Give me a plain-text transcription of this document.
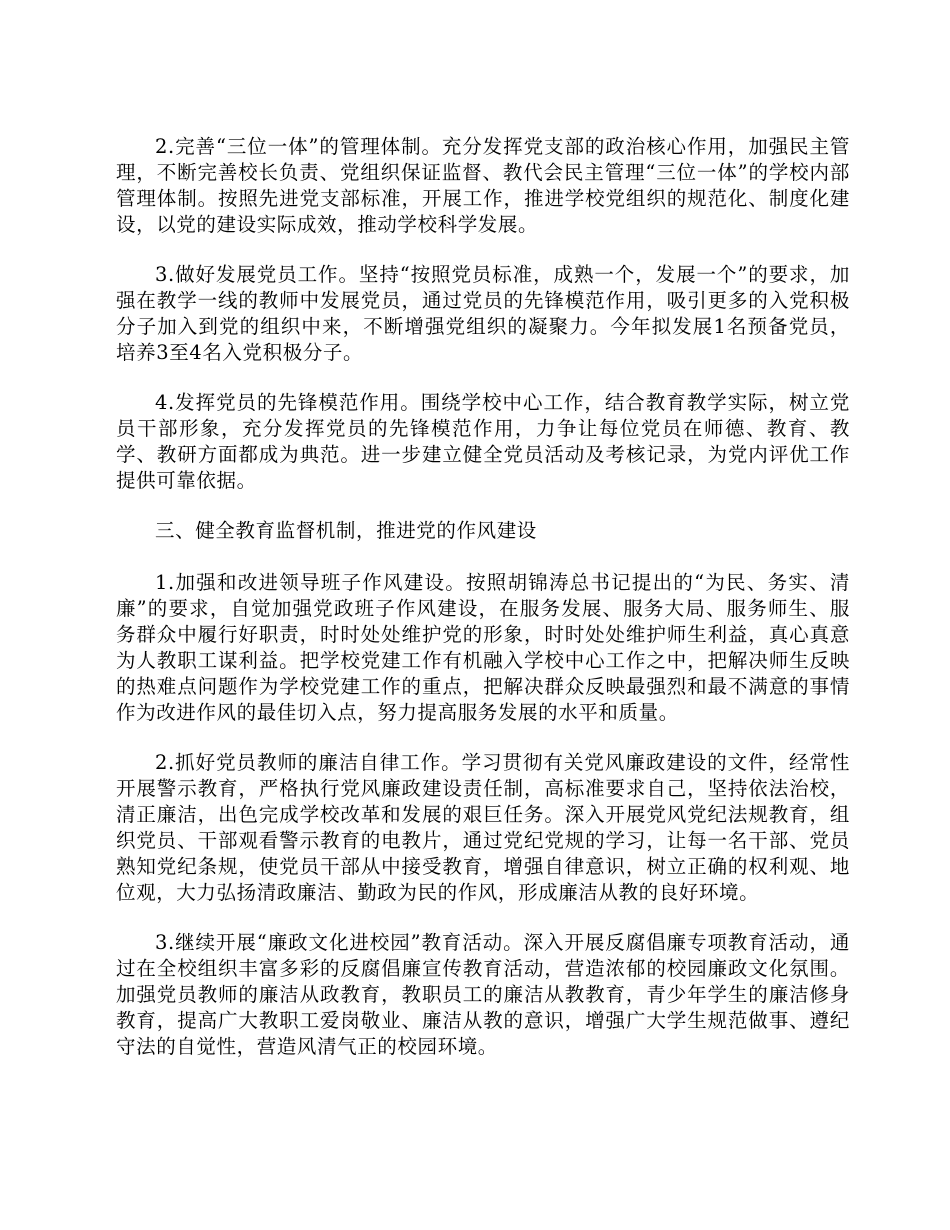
2.完善“三位一体”的管理体制。充分发挥党支部的政治核心作用，加强民主管理，不断完善校长负责、党组织保证监督、教代会民主管理“三位一体”的学校内部管理体制。按照先进党支部标准，开展工作，推进学校党组织的规范化、制度化建设，以党的建设实际成效，推动学校科学发展。

3.做好发展党员工作。坚持“按照党员标准，成熟一个，发展一个”的要求，加强在教学一线的教师中发展党员，通过党员的先锋模范作用，吸引更多的入党积极分子加入到党的组织中来，不断增强党组织的凝聚力。今年拟发展1名预备党员，培养3至4名入党积极分子。

4.发挥党员的先锋模范作用。围绕学校中心工作，结合教育教学实际，树立党员干部形象，充分发挥党员的先锋模范作用，力争让每位党员在师德、教育、教学、教研方面都成为典范。进一步建立健全党员活动及考核记录，为党内评优工作提供可靠依据。

三、健全教育监督机制，推进党的作风建设

1.加强和改进领导班子作风建设。按照胡锦涛总书记提出的“为民、务实、清廉”的要求，自觉加强党政班子作风建设，在服务发展、服务大局、服务师生、服务群众中履行好职责，时时处处维护党的形象，时时处处维护师生利益，真心真意为人教职工谋利益。把学校党建工作有机融入学校中心工作之中，把解决师生反映的热难点问题作为学校党建工作的重点，把解决群众反映最强烈和最不满意的事情作为改进作风的最佳切入点，努力提高服务发展的水平和质量。

2.抓好党员教师的廉洁自律工作。学习贯彻有关党风廉政建设的文件，经常性开展警示教育，严格执行党风廉政建设责任制，高标准要求自己，坚持依法治校，清正廉洁，出色完成学校改革和发展的艰巨任务。深入开展党风党纪法规教育，组织党员、干部观看警示教育的电教片，通过党纪党规的学习，让每一名干部、党员熟知党纪条规，使党员干部从中接受教育，增强自律意识，树立正确的权利观、地位观，大力弘扬清政廉洁、勤政为民的作风，形成廉洁从教的良好环境。

3.继续开展“廉政文化进校园”教育活动。深入开展反腐倡廉专项教育活动，通过在全校组织丰富多彩的反腐倡廉宣传教育活动，营造浓郁的校园廉政文化氛围。加强党员教师的廉洁从政教育，教职员工的廉洁从教教育，青少年学生的廉洁修身教育，提高广大教职工爱岗敬业、廉洁从教的意识，增强广大学生规范做事、遵纪守法的自觉性，营造风清气正的校园环境。
